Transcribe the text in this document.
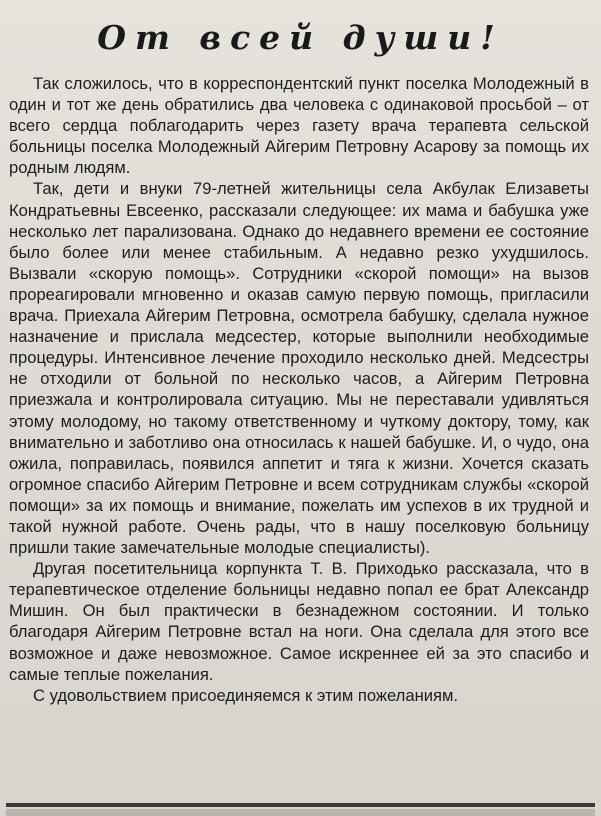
От всей души!

Так сложилось, что в корреспондентский пункт поселка Молодежный в один и тот же день обратились два человека с одинаковой просьбой – от всего сердца поблагодарить через газету врача терапевта сельской больницы поселка Молодежный Айгерим Петровну Асарову за помощь их родным людям.

Так, дети и внуки 79-летней жительницы села Акбулак Елизаветы Кондратьевны Евсеенко, рассказали следующее: их мама и бабушка уже несколько лет парализована. Однако до недавнего времени ее состояние было более или менее стабильным. А недавно резко ухудшилось. Вызвали «скорую помощь». Сотрудники «скорой помощи» на вызов прореагировали мгновенно и оказав самую первую помощь, пригласили врача. Приехала Айгерим Петровна, осмотрела бабушку, сделала нужное назначение и прислала медсестер, которые выполнили необходимые процедуры. Интенсивное лечение проходило несколько дней. Медсестры не отходили от больной по несколько часов, а Айгерим Петровна приезжала и контролировала ситуацию. Мы не переставали удивляться этому молодому, но такому ответственному и чуткому доктору, тому, как внимательно и заботливо она относилась к нашей бабушке. И, о чудо, она ожила, поправилась, появился аппетит и тяга к жизни. Хочется сказать огромное спасибо Айгерим Петровне и всем сотрудникам службы «скорой помощи» за их помощь и внимание, пожелать им успехов в их трудной и такой нужной работе. Очень рады, что в нашу поселковую больницу пришли такие замечательные молодые специалисты).

Другая посетительница корпункта Т. В. Приходько рассказала, что в терапевтическое отделение больницы недавно попал ее брат Александр Мишин. Он был практически в безнадежном состоянии. И только благодаря Айгерим Петровне встал на ноги. Она сделала для этого все возможное и даже невозможное. Самое искреннее ей за это спасибо и самые теплые пожелания.

С удовольствием присоединяемся к этим пожеланиям.
